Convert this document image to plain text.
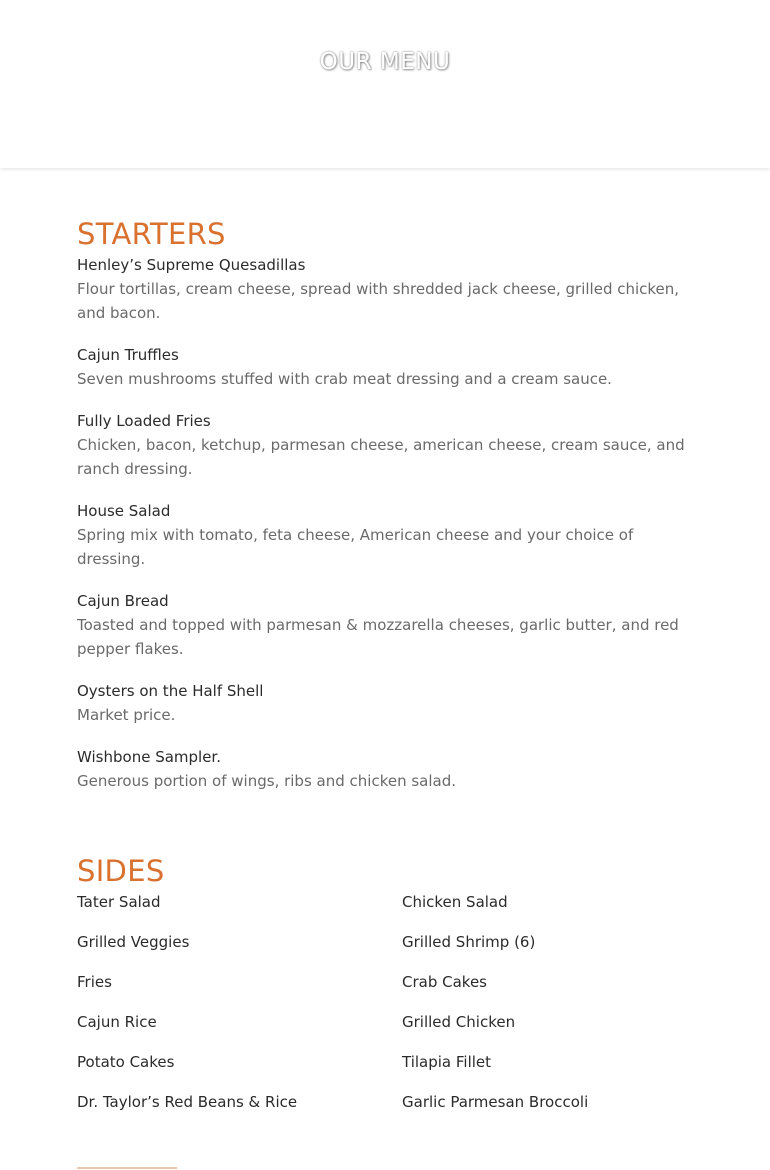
OUR MENU
STARTERS
Henley’s Supreme Quesadillas
Flour tortillas, cream cheese, spread with shredded jack cheese, grilled chicken, and bacon.
Cajun Truffles
Seven mushrooms stuffed with crab meat dressing and a cream sauce.
Fully Loaded Fries
Chicken, bacon, ketchup, parmesan cheese, american cheese, cream sauce, and ranch dressing.
House Salad
Spring mix with tomato, feta cheese, American cheese and your choice of dressing.
Cajun Bread
Toasted and topped with parmesan & mozzarella cheeses, garlic butter, and red pepper flakes.
Oysters on the Half Shell
Market price.
Wishbone Sampler.
Generous portion of wings, ribs and chicken salad.
SIDES
Tater Salad	Chicken Salad
Grilled Veggies	Grilled Shrimp (6)
Fries	Crab Cakes
Cajun Rice	Grilled Chicken
Potato Cakes	Tilapia Fillet
Dr. Taylor’s Red Beans & Rice	Garlic Parmesan Broccoli
